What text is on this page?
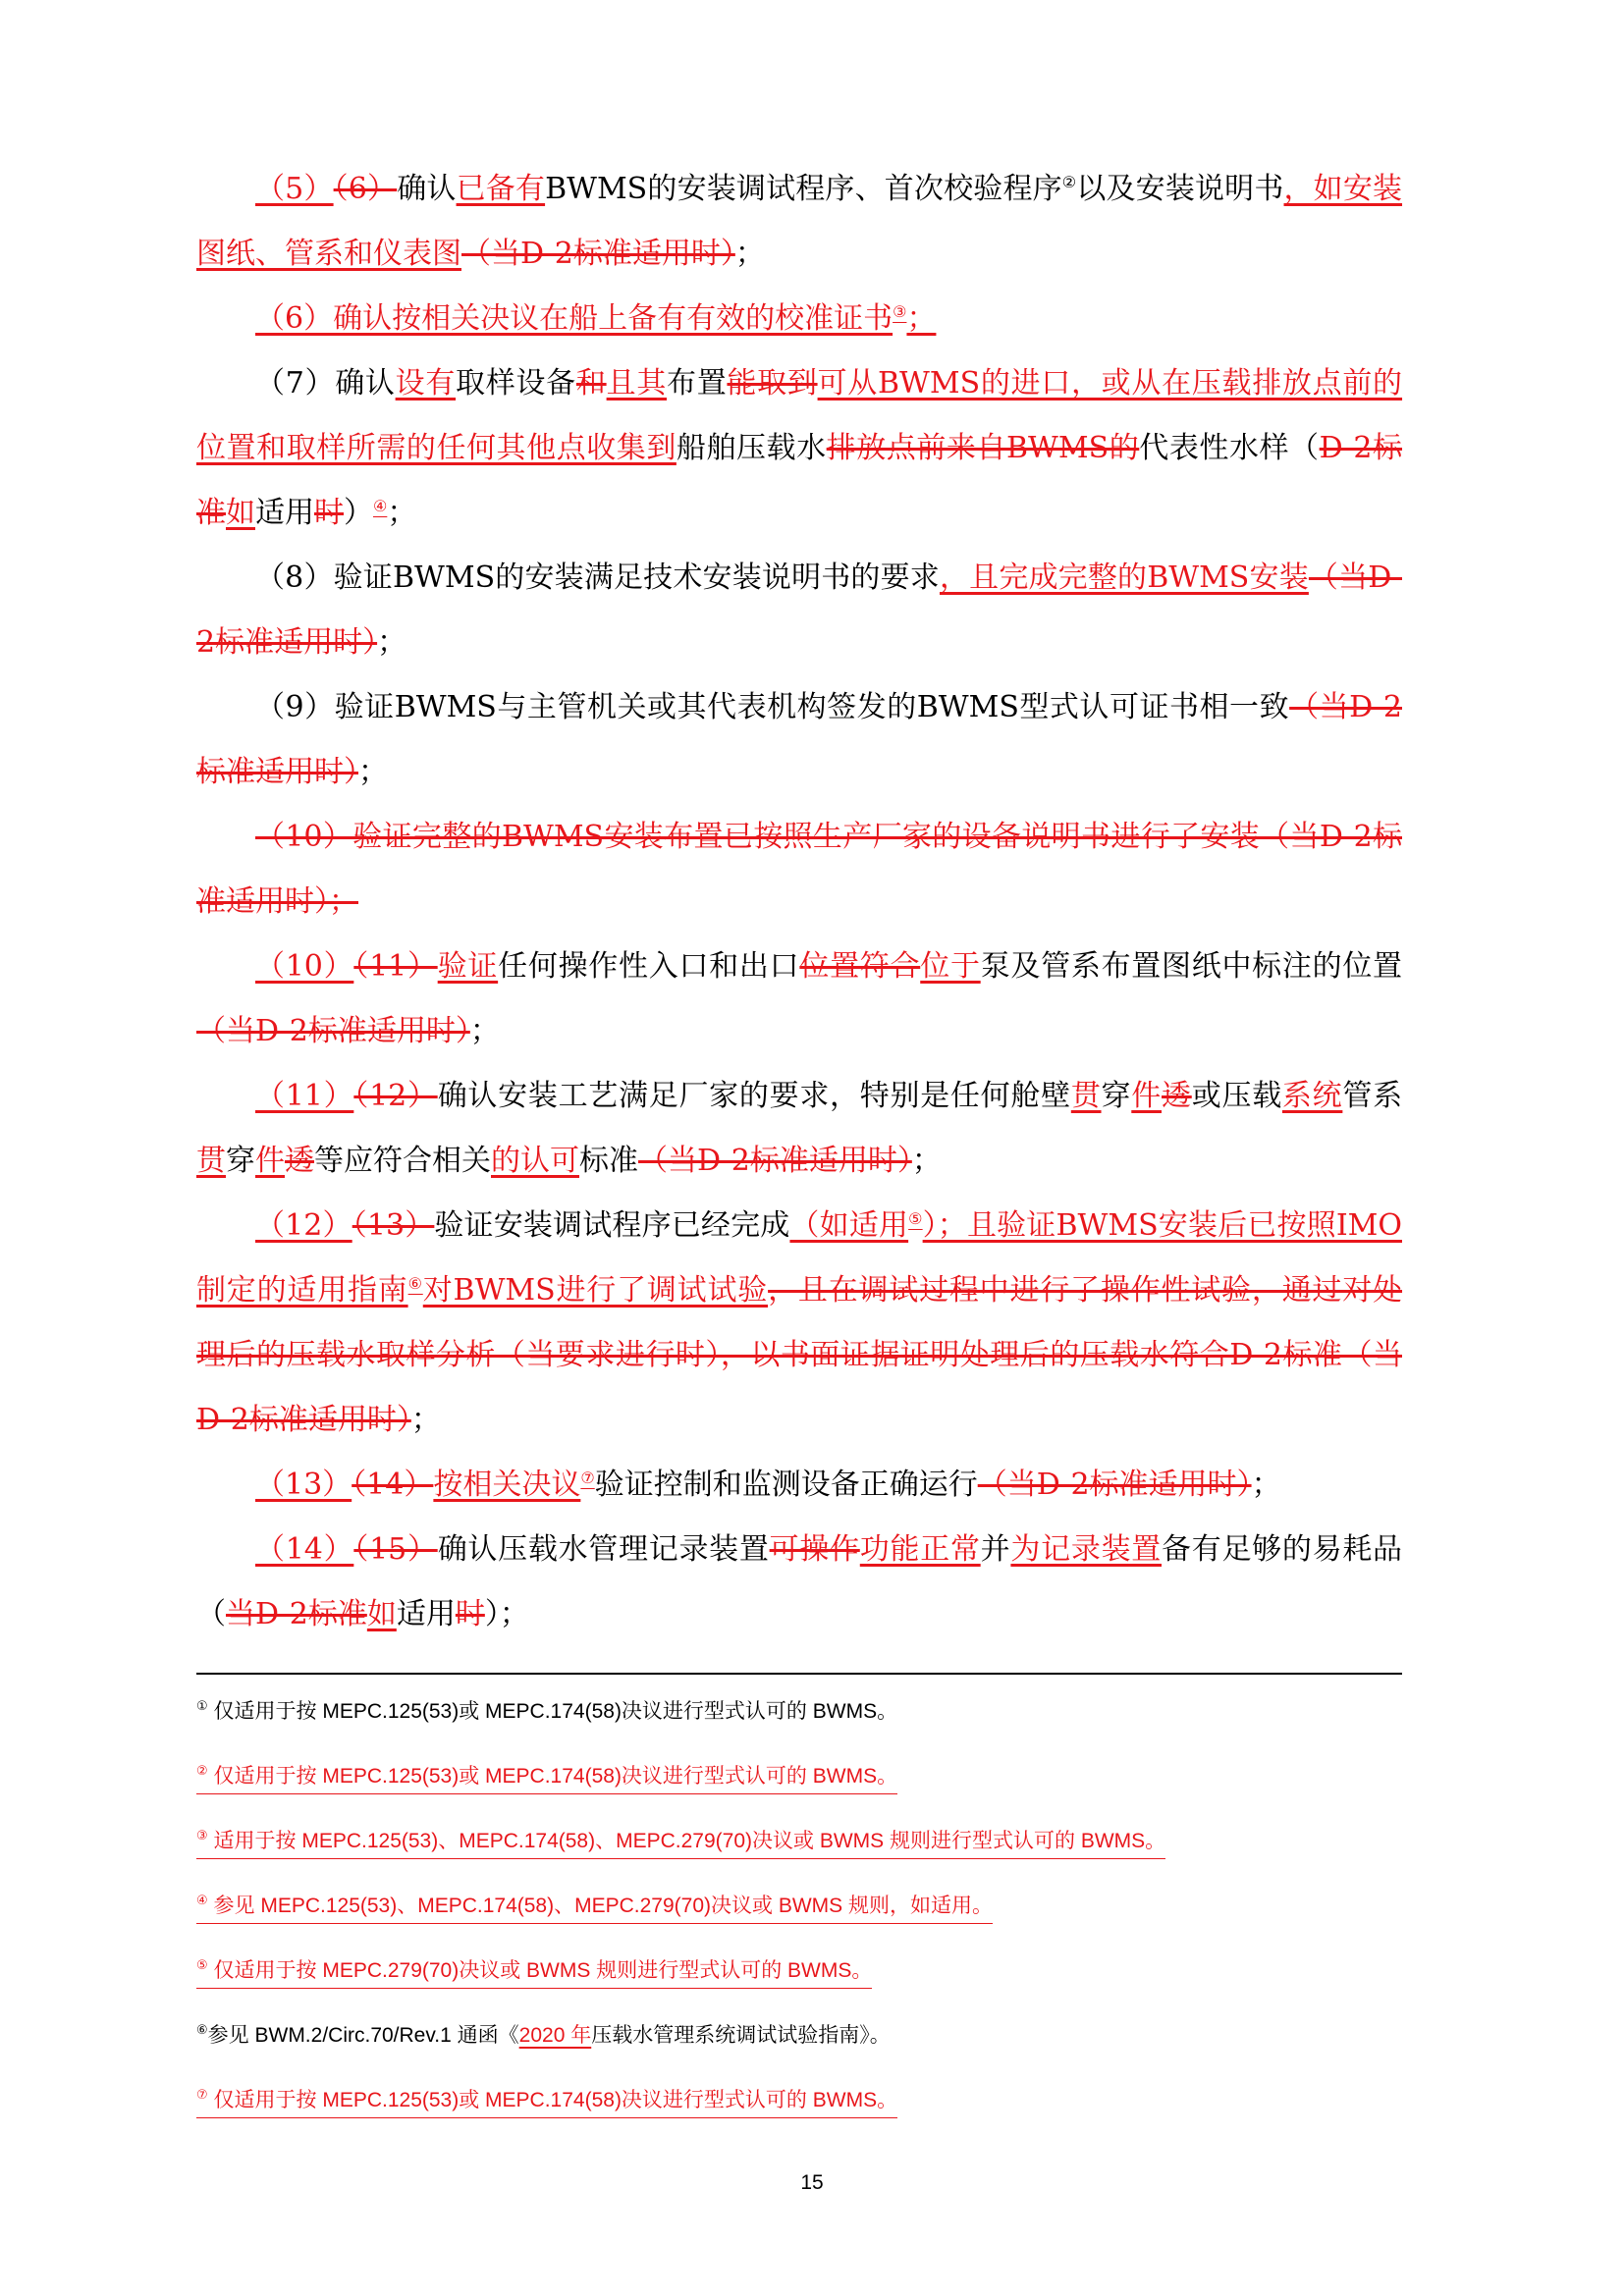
（5）（6）确认已备有BWMS的安装调试程序、首次校验程序②以及安装说明书，如安装图纸、管系和仪表图（当D-2标准适用时）；

（6）确认按相关决议在船上备有有效的校准证书③；

（7）确认设有取样设备和且其布置能取到可从BWMS的进口，或从在压载排放点前的位置和取样所需的任何其他点收集到船舶压载水排放点前来自BWMS的代表性水样（D-2标准如适用时）④；

（8）验证BWMS的安装满足技术安装说明书的要求，且完成完整的BWMS安装（当D-2标准适用时）；

（9）验证BWMS与主管机关或其代表机构签发的BWMS型式认可证书相一致（当D-2标准适用时）；

（10）验证完整的BWMS安装布置已按照生产厂家的设备说明书进行了安装（当D-2标准适用时）；

（10）（11）验证任何操作性入口和出口位置符合位于泵及管系布置图纸中标注的位置（当D-2标准适用时）；

（11）（12）确认安装工艺满足厂家的要求，特别是任何舱壁贯穿件透或压载系统管系贯穿件透等应符合相关的认可标准（当D-2标准适用时）；

（12）（13）验证安装调试程序已经完成（如适用⑤）；且验证BWMS安装后已按照IMO制定的适用指南⑥对BWMS进行了调试试验，且在调试过程中进行了操作性试验，通过对处理后的压载水取样分析（当要求进行时），以书面证据证明处理后的压载水符合D-2标准（当D-2标准适用时）；

（13）（14）按相关决议⑦验证控制和监测设备正确运行（当D-2标准适用时）；

（14）（15）确认压载水管理记录装置可操作功能正常并为记录装置备有足够的易耗品（当D-2标准如适用时）；

① 仅适用于按 MEPC.125(53)或 MEPC.174(58)决议进行型式认可的 BWMS。

② 仅适用于按 MEPC.125(53)或 MEPC.174(58)决议进行型式认可的 BWMS。

③ 适用于按 MEPC.125(53)、MEPC.174(58)、MEPC.279(70)决议或 BWMS 规则进行型式认可的 BWMS。

④ 参见 MEPC.125(53)、MEPC.174(58)、MEPC.279(70)决议或 BWMS 规则，如适用。

⑤ 仅适用于按 MEPC.279(70)决议或 BWMS 规则进行型式认可的 BWMS。

⑥参见 BWM.2/Circ.70/Rev.1 通函《2020 年压载水管理系统调试试验指南》。

⑦ 仅适用于按 MEPC.125(53)或 MEPC.174(58)决议进行型式认可的 BWMS。

15
